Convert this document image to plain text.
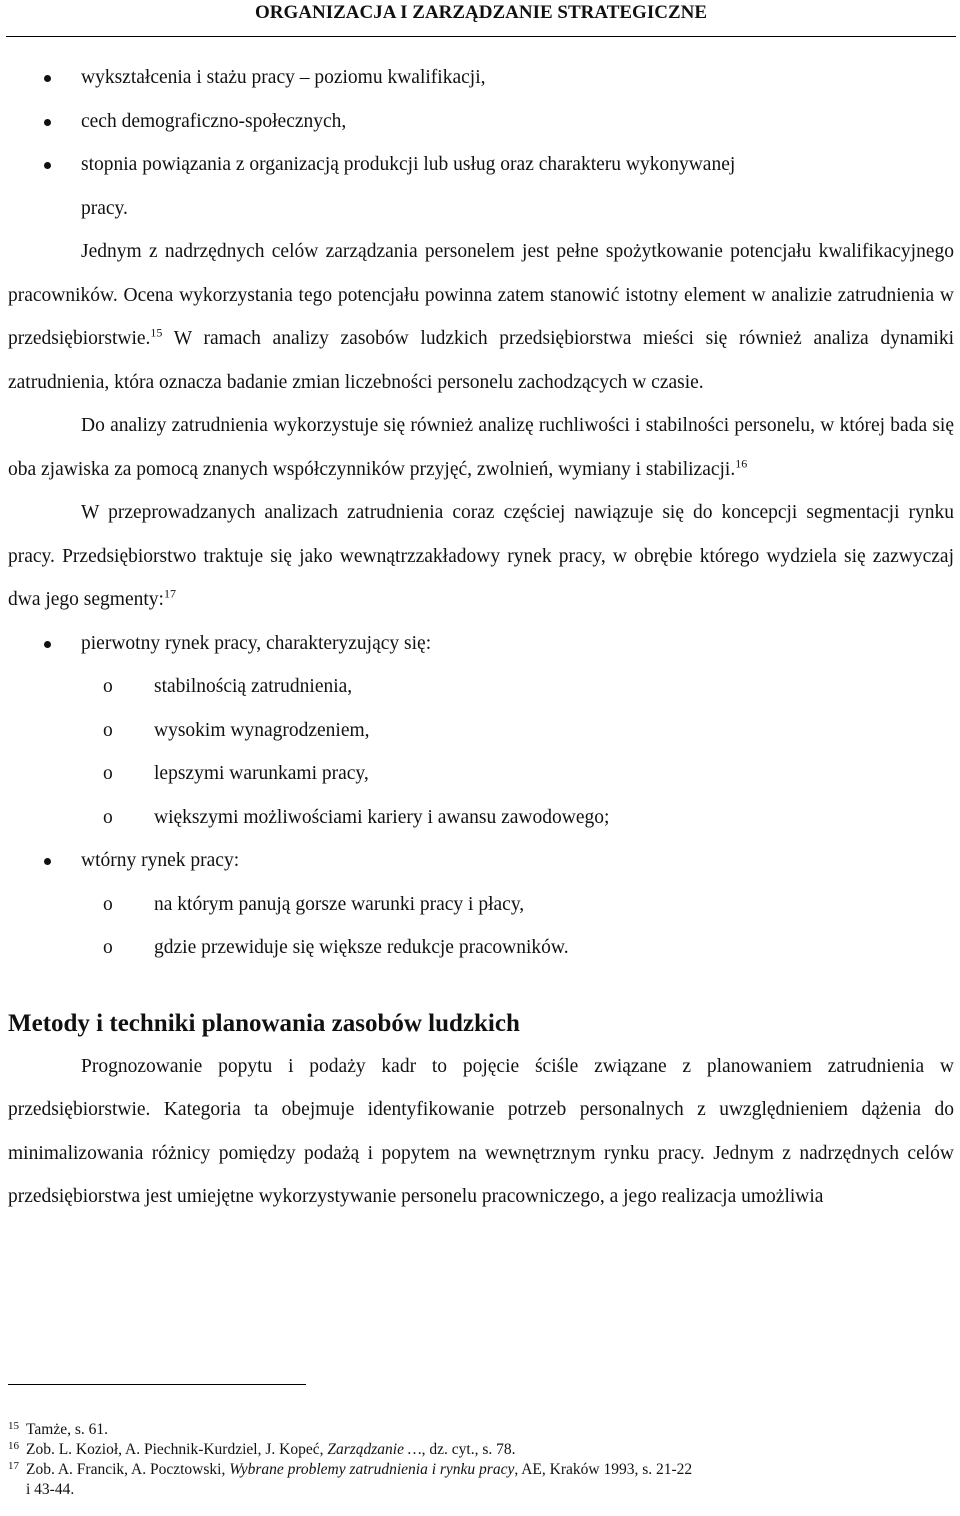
ORGANIZACJA I ZARZĄDZANIE STRATEGICZNE
wykształcenia i stażu pracy – poziomu kwalifikacji,
cech demograficzno-społecznych,
stopnia powiązania z organizacją produkcji lub usług oraz charakteru wykonywanej
pracy.

Jednym z nadrzędnych celów zarządzania personelem jest pełne spożytkowanie potencjału kwalifikacyjnego pracowników. Ocena wykorzystania tego potencjału powinna zatem stanowić istotny element w analizie zatrudnienia w przedsiębiorstwie.$^{15}$ W ramach analizy zasobów ludzkich przedsiębiorstwa mieści się również analiza dynamiki zatrudnienia, która oznacza badanie zmian liczebności personelu zachodzących w czasie.

Do analizy zatrudnienia wykorzystuje się również analizę ruchliwości i stabilności personelu, w której bada się oba zjawiska za pomocą znanych współczynników przyjęć, zwolnień, wymiany i stabilizacji.$^{16}$

W przeprowadzanych analizach zatrudnienia coraz częściej nawiązuje się do koncepcji segmentacji rynku pracy. Przedsiębiorstwo traktuje się jako wewnątrzzakładowy rynek pracy, w obrębie którego wydziela się zazwyczaj dwa jego segmenty:$^{17}$

pierwotny rynek pracy, charakteryzujący się:
o stabilnością zatrudnienia,
o wysokim wynagrodzeniem,
o lepszymi warunkami pracy,
o większymi możliwościami kariery i awansu zawodowego;
wtórny rynek pracy:
o na którym panują gorsze warunki pracy i płacy,
o gdzie przewiduje się większe redukcje pracowników.
Metody i techniki planowania zasobów ludzkich

Prognozowanie popytu i podaży kadr to pojęcie ściśle związane z planowaniem zatrudnienia w przedsiębiorstwie. Kategoria ta obejmuje identyfikowanie potrzeb personalnych z uwzględnieniem dążenia do minimalizowania różnicy pomiędzy podażą i popytem na wewnętrznym rynku pracy. Jednym z nadrzędnych celów przedsiębiorstwa jest umiejętne wykorzystywanie personelu pracowniczego, a jego realizacja umożliwia

15 Tamże, s. 61.
16 Zob. L. Kozioł, A. Piechnik-Kurdziel, J. Kopeć, Zarządzanie …, dz. cyt., s. 78.
17 Zob. A. Francik, A. Pocztowski, Wybrane problemy zatrudnienia i rynku pracy, AE, Kraków 1993, s. 21-22
i 43-44.
